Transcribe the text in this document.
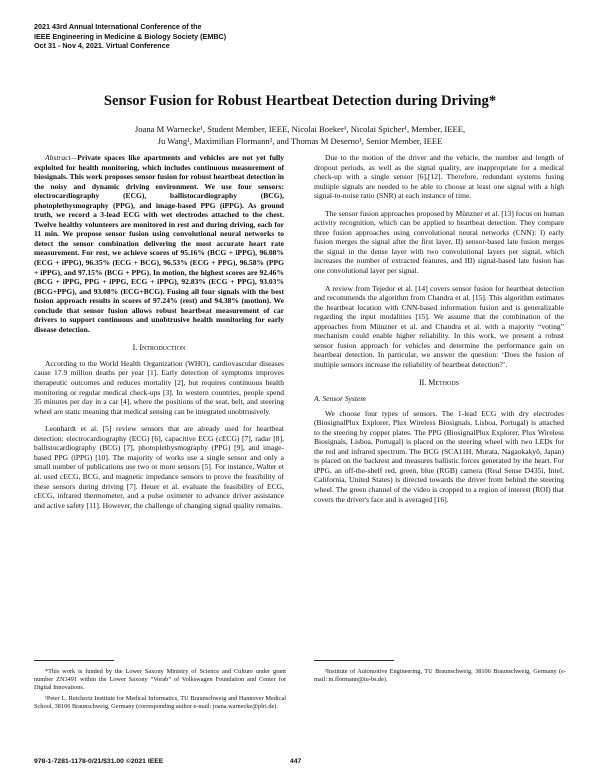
2021 43rd Annual International Conference of the
IEEE Engineering in Medicine & Biology Society (EMBC)
Oct 31 - Nov 4, 2021. Virtual Conference
Sensor Fusion for Robust Heartbeat Detection during Driving*
Joana M Warnecke¹, Student Member, IEEE, Nicolai Boeker¹, Nicolai Spicher¹, Member, IEEE,
Ju Wang¹, Maximilian Flormann², and Thomas M Deserno¹, Senior Member, IEEE

Abstract—Private spaces like apartments and vehicles are not yet fully exploited for health monitoring, which includes continuous measurement of biosignals. This work proposes sensor fusion for robust heartbeat detection in the noisy and dynamic driving environment. We use four sensors: electrocardiography (ECG), ballistocardiography (BCG), photoplethysmography (PPG), and image-based PPG (iPPG). As ground truth, we record a 3-lead ECG with wet electrodes attached to the chest. Twelve healthy volunteers are monitored in rest and during driving, each for 11 min. We propose sensor fusion using convolutional neural networks to detect the sensor combination delivering the most accurate heart rate measurement. For rest, we achieve scores of 95.16% (BCG + iPPG), 96.08% (ECG + iPPG), 96.35% (ECG + BCG), 96.53% (ECG + PPG), 96.58% (PPG + iPPG), and 97.15% (BCG + PPG). In motion, the highest scores are 92.46% (BCG + iPPG, PPG + iPPG, ECG + iPPG), 92.83% (ECG + PPG), 93.03% (BCG+PPG), and 93.08% (ECG+BCG). Fusing all four signals with the best fusion approach results in scores of 97.24% (rest) and 94.38% (motion). We conclude that sensor fusion allows robust heartbeat measurement of car drivers to support continuous and unobtrusive health monitoring for early disease detection.

I. Introduction

According to the World Health Organization (WHO), cardiovascular diseases cause 17.9 million deaths per year [1]. Early detection of symptoms improves therapeutic outcomes and reduces mortality [2], but requires continuous health monitoring or regular medical check-ups [3]. In western countries, people spend 35 minutes per day in a car [4], where the positions of the seat, belt, and steering wheel are static meaning that medical sensing can be integrated unobtrusively.

Leonhardt et al. [5] review sensors that are already used for heartbeat detection: electrocardiography (ECG) [6], capacitive ECG (cECG) [7], radar [8], ballistocardiography (BCG) [7], photoplethysmography (PPG) [9], and image-based PPG (iPPG) [10]. The majority of works use a single sensor and only a small number of publications use two or more sensors [5]. For instance, Walter et al. used cECG, BCG, and magnetic impedance sensors to prove the feasibility of these sensors during driving [7]. Heuer et al. evaluate the feasibility of ECG, cECG, infrared thermometer, and a pulse oximeter to advance driver assistance and active safety [11]. However, the challenge of changing signal quality remains.

Due to the motion of the driver and the vehicle, the number and length of dropout periods, as well as the signal quality, are inappropriate for a medical check-up with a single sensor [6],[12]. Therefore, redundant systems fusing multiple signals are needed to be able to choose at least one signal with a high signal-to-noise ratio (SNR) at each instance of time.

The sensor fusion approaches proposed by Münzner et al. [13] focus on human activity recognition, which can be applied to heartbeat detection. They compare three fusion approaches using convolutional neural networks (CNN): I) early fusion merges the signal after the first layer, II) sensor-based late fusion merges the signal in the dense layer with two convolutional layers per signal, which increases the number of extracted features, and III) signal-based late fusion has one convolutional layer per signal.

A review from Tejedor et al. [14] covers sensor fusion for heartbeat detection and recommends the algorithm from Chandra et al. [15]. This algorithm estimates the heartbeat location with CNN-based information fusion and is generalizable regarding the input modalities [15]. We assume that the combination of the approaches from Münzner et al. and Chandra et al. with a majority “voting” mechanism could enable higher reliability. In this work, we present a robust sensor fusion approach for vehicles and determine the performance gain on heartbeat detection. In particular, we answer the question: ‘Does the fusion of multiple sensors increase the reliability of heartbeat detection?’.

II. Methods
A. Sensor System

We choose four types of sensors. The 1-lead ECG with dry electrodes (BiosignalPlux Explorer, Plux Wireless Biosignals, Lisboa, Portugal) is attached to the steering by copper plates. The PPG (BiosignalPlux Explorer, Plux Wireless Biosignals, Lisboa, Portugal) is placed on the steering wheel with two LEDs for the red and infrared spectrum. The BCG (SCA11H, Murata, Nagaokakyō, Japan) is placed on the backrest and measures ballistic forces generated by the heart. For iPPG, an off-the-shelf red, green, blue (RGB) camera (Real Sense D435i, Intel, California, United States) is directed towards the driver from behind the steering wheel. The green channel of the video is cropped to a region of interest (ROI) that covers the driver's face and is averaged [16].

*This work is funded by the Lower Saxony Ministry of Science and Culture under grant number ZN3491 within the Lower Saxony “Vorab” of Volkswagen Foundation and Center for Digital Innovations.
¹Peter L. Reichertz Institute for Medical Informatics, TU Braunschweig and Hannover Medical School, 38106 Braunschweig, Germany (corresponding author e-mail: joana.warnecke@plri.de).
²Institute of Automotive Engineering, TU Braunschweig, 38106 Braunschweig, Germany (e-mail: m.flormann@tu-bs.de).
978-1-7281-1178-0/21/$31.00 ©2021 IEEE	447
